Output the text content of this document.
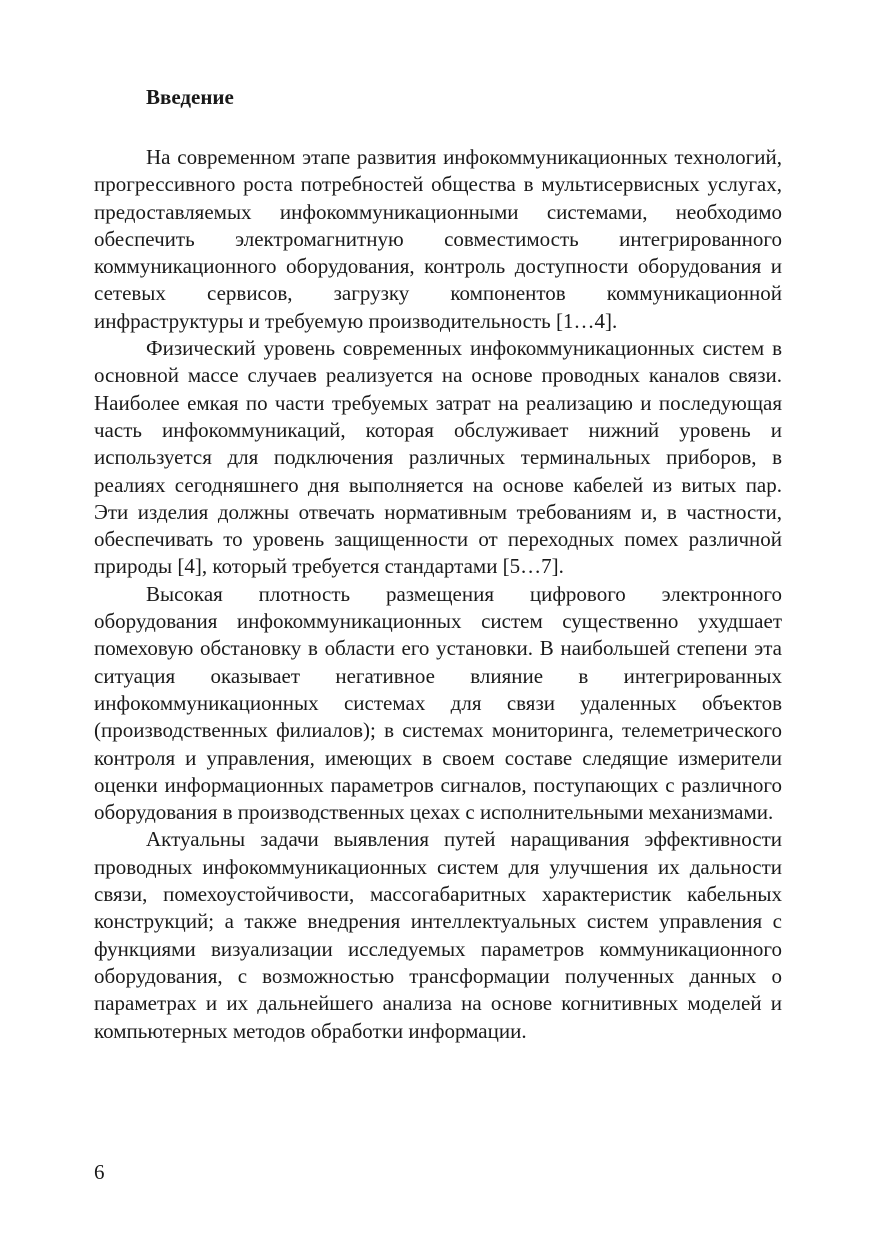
Введение

На современном этапе развития инфокоммуникационных технологий, прогрессивного роста потребностей общества в мультисервисных услугах, предоставляемых инфокоммуникационными системами, необходимо обеспечить электромагнитную совместимость интегрированного коммуникационного оборудования, контроль доступности оборудования и сетевых сервисов, загрузку компонентов коммуникационной инфраструктуры и требуемую производительность [1…4].

Физический уровень современных инфокоммуникационных систем в основной массе случаев реализуется на основе проводных каналов связи. Наиболее емкая по части требуемых затрат на реализацию и последующая часть инфокоммуникаций, которая обслуживает нижний уровень и используется для подключения различных терминальных приборов, в реалиях сегодняшнего дня выполняется на основе кабелей из витых пар. Эти изделия должны отвечать нормативным требованиям и, в частности, обеспечивать то уровень защищенности от переходных помех различной природы [4], который требуется стандартами [5…7].

Высокая плотность размещения цифрового электронного оборудования инфокоммуникационных систем существенно ухудшает помеховую обстановку в области его установки. В наибольшей степени эта ситуация оказывает негативное влияние в интегрированных инфокоммуникационных системах для связи удаленных объектов (производственных филиалов); в системах мониторинга, телеметрического контроля и управления, имеющих в своем составе следящие измерители оценки информационных параметров сигналов, поступающих с различного оборудования в производственных цехах с исполнительными механизмами.

Актуальны задачи выявления путей наращивания эффективности проводных инфокоммуникационных систем для улучшения их дальности связи, помехоустойчивости, массогабаритных характеристик кабельных конструкций; а также внедрения интеллектуальных систем управления с функциями визуализации исследуемых параметров коммуникационного оборудования, с возможностью трансформации полученных данных о параметрах и их дальнейшего анализа на основе когнитивных моделей и компьютерных методов обработки информации.

6
